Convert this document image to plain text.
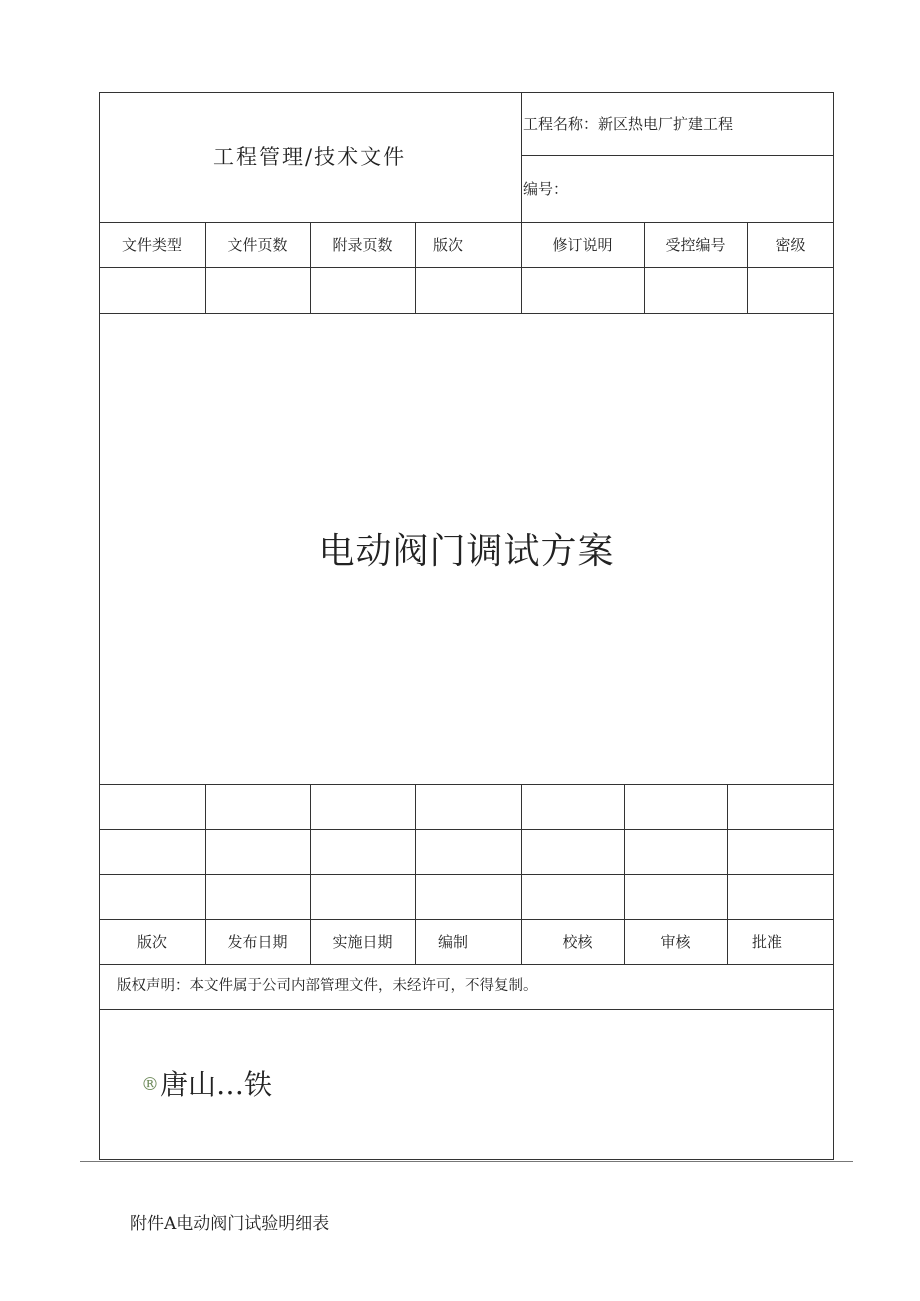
工程管理/技术文件
工程名称：新区热电厂扩建工程
编号：
文件类型	文件页数	附录页数	版次	修订说明	受控编号	密级
电动阀门调试方案
版次	发布日期	实施日期	编制	校核	审核	批准
版权声明：本文件属于公司内部管理文件，未经许可，不得复制。
®唐山…铁
附件A电动阀门试验明细表
